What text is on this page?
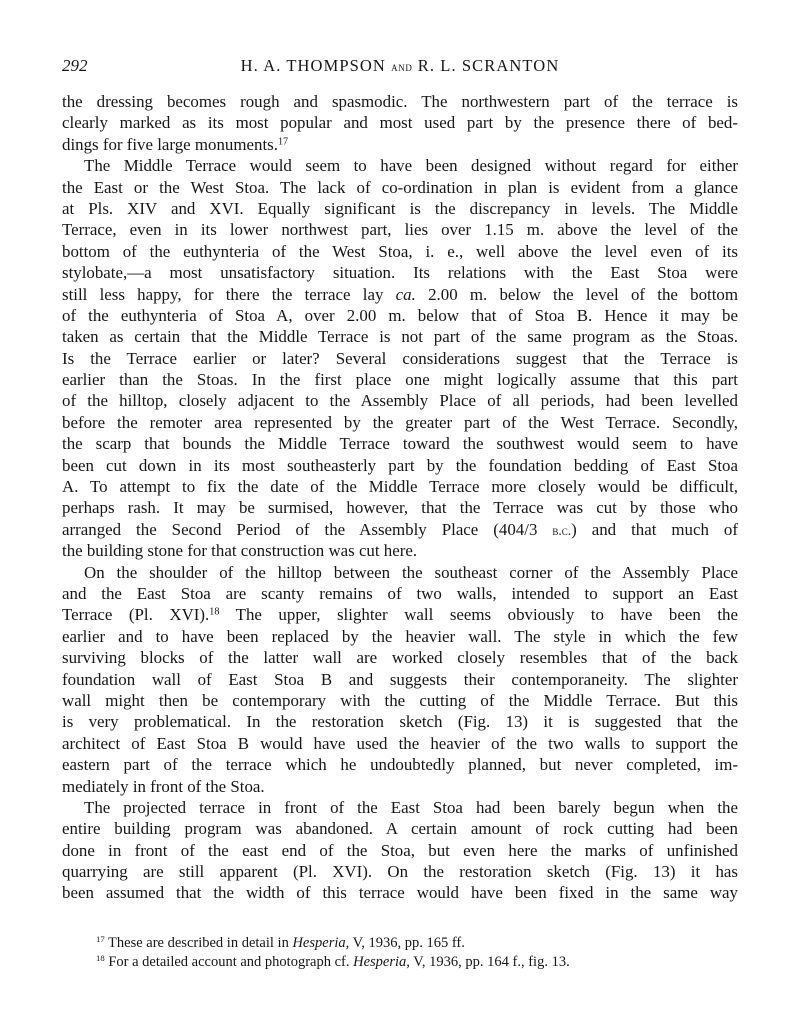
292	H. A. THOMPSON and R. L. SCRANTON
the dressing becomes rough and spasmodic. The northwestern part of the terrace is
clearly marked as its most popular and most used part by the presence there of bed-
dings for five large monuments.$^{17}$
The Middle Terrace would seem to have been designed without regard for either
the East or the West Stoa. The lack of co-ordination in plan is evident from a glance
at Pls. XIV and XVI. Equally significant is the discrepancy in levels. The Middle
Terrace, even in its lower northwest part, lies over 1.15 m. above the level of the
bottom of the euthynteria of the West Stoa, i. e., well above the level even of its
stylobate,—a most unsatisfactory situation. Its relations with the East Stoa were
still less happy, for there the terrace lay ca. 2.00 m. below the level of the bottom
of the euthynteria of Stoa A, over 2.00 m. below that of Stoa B. Hence it may be
taken as certain that the Middle Terrace is not part of the same program as the Stoas.
Is the Terrace earlier or later? Several considerations suggest that the Terrace is
earlier than the Stoas. In the first place one might logically assume that this part
of the hilltop, closely adjacent to the Assembly Place of all periods, had been levelled
before the remoter area represented by the greater part of the West Terrace. Secondly,
the scarp that bounds the Middle Terrace toward the southwest would seem to have
been cut down in its most southeasterly part by the foundation bedding of East Stoa
A. To attempt to fix the date of the Middle Terrace more closely would be difficult,
perhaps rash. It may be surmised, however, that the Terrace was cut by those who
arranged the Second Period of the Assembly Place (404/3 b.c.) and that much of
the building stone for that construction was cut here.
On the shoulder of the hilltop between the southeast corner of the Assembly Place
and the East Stoa are scanty remains of two walls, intended to support an East
Terrace (Pl. XVI).$^{18}$ The upper, slighter wall seems obviously to have been the
earlier and to have been replaced by the heavier wall. The style in which the few
surviving blocks of the latter wall are worked closely resembles that of the back
foundation wall of East Stoa B and suggests their contemporaneity. The slighter
wall might then be contemporary with the cutting of the Middle Terrace. But this
is very problematical. In the restoration sketch (Fig. 13) it is suggested that the
architect of East Stoa B would have used the heavier of the two walls to support the
eastern part of the terrace which he undoubtedly planned, but never completed, im-
mediately in front of the Stoa.
The projected terrace in front of the East Stoa had been barely begun when the
entire building program was abandoned. A certain amount of rock cutting had been
done in front of the east end of the Stoa, but even here the marks of unfinished
quarrying are still apparent (Pl. XVI). On the restoration sketch (Fig. 13) it has
been assumed that the width of this terrace would have been fixed in the same way
$^{17}$ These are described in detail in Hesperia, V, 1936, pp. 165 ff.
$^{18}$ For a detailed account and photograph cf. Hesperia, V, 1936, pp. 164 f., fig. 13.
